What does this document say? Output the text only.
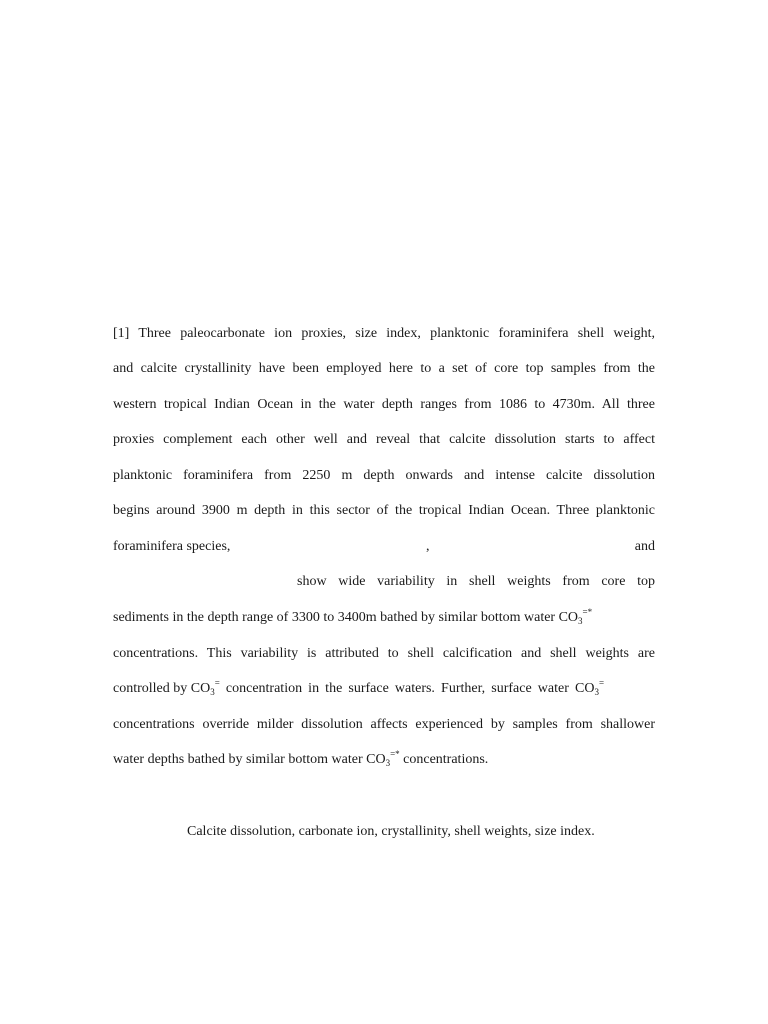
[1] Three paleocarbonate ion proxies, size index, planktonic foraminifera shell weight,
and calcite crystallinity have been employed here to a set of core top samples from the
western tropical Indian Ocean in the water depth ranges from 1086 to 4730m. All three
proxies complement each other well and reveal that calcite dissolution starts to affect
planktonic foraminifera from 2250 m depth onwards and intense calcite dissolution
begins around 3900 m depth in this sector of the tropical Indian Ocean. Three planktonic
foraminifera species,	,	and
show wide variability in shell weights from core top
sediments in the depth range of 3300 to 3400m bathed by similar bottom water $CO_3^{=*}$
concentrations. This variability is attributed to shell calcification and shell weights are
controlled by $CO_3^=$ concentration in the surface waters. Further, surface water $CO_3^=$
concentrations override milder dissolution affects experienced by samples from shallower
water depths bathed by similar bottom water $CO_3^{=*}$ concentrations.
Calcite dissolution, carbonate ion, crystallinity, shell weights, size index.
